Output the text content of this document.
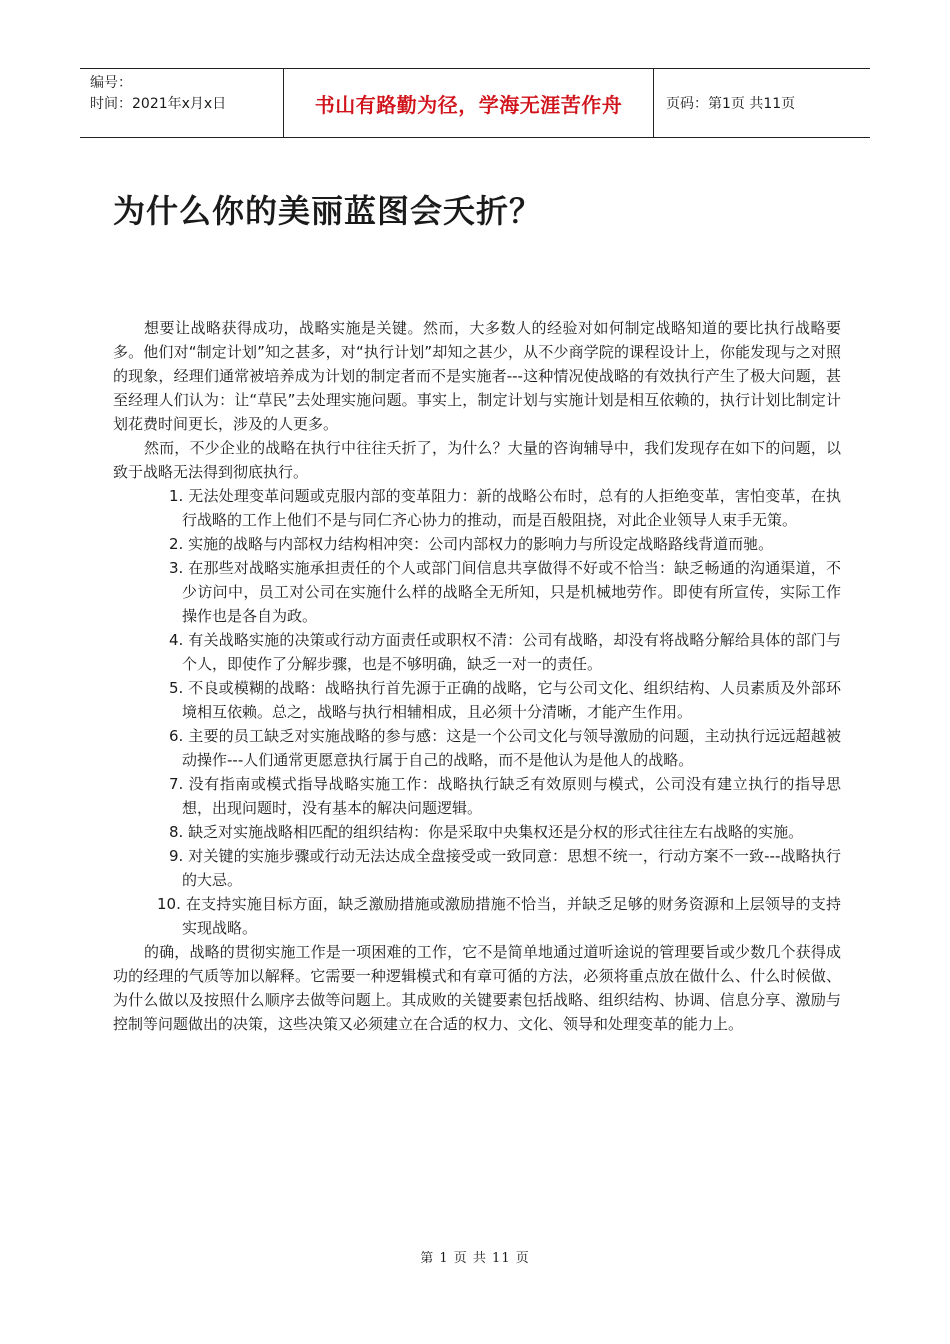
编号：
时间：2021年x月x日	书山有路勤为径，学海无涯苦作舟	页码：第1页 共11页
为什么你的美丽蓝图会夭折？

想要让战略获得成功，战略实施是关键。然而，大多数人的经验对如何制定战略知道的要比执行战略要多。他们对“制定计划”知之甚多，对“执行计划”却知之甚少，从不少商学院的课程设计上，你能发现与之对照的现象，经理们通常被培养成为计划的制定者而不是实施者---这种情况使战略的有效执行产生了极大问题，甚至经理人们认为：让“草民”去处理实施问题。事实上，制定计划与实施计划是相互依赖的，执行计划比制定计划花费时间更长，涉及的人更多。

然而，不少企业的战略在执行中往往夭折了，为什么？大量的咨询辅导中，我们发现存在如下的问题，以致于战略无法得到彻底执行。

1. 无法处理变革问题或克服内部的变革阻力：新的战略公布时，总有的人拒绝变革，害怕变革，在执行战略的工作上他们不是与同仁齐心协力的推动，而是百般阻挠，对此企业领导人束手无策。

2. 实施的战略与内部权力结构相冲突：公司内部权力的影响力与所设定战略路线背道而驰。

3. 在那些对战略实施承担责任的个人或部门间信息共享做得不好或不恰当：缺乏畅通的沟通渠道，不少访问中，员工对公司在实施什么样的战略全无所知，只是机械地劳作。即使有所宣传，实际工作操作也是各自为政。

4. 有关战略实施的决策或行动方面责任或职权不清：公司有战略，却没有将战略分解给具体的部门与个人，即使作了分解步骤，也是不够明确，缺乏一对一的责任。

5. 不良或模糊的战略：战略执行首先源于正确的战略，它与公司文化、组织结构、人员素质及外部环境相互依赖。总之，战略与执行相辅相成，且必须十分清晰，才能产生作用。

6. 主要的员工缺乏对实施战略的参与感：这是一个公司文化与领导激励的问题，主动执行远远超越被动操作---人们通常更愿意执行属于自己的战略，而不是他认为是他人的战略。

7. 没有指南或模式指导战略实施工作：战略执行缺乏有效原则与模式，公司没有建立执行的指导思想，出现问题时，没有基本的解决问题逻辑。

8. 缺乏对实施战略相匹配的组织结构：你是采取中央集权还是分权的形式往往左右战略的实施。

9. 对关键的实施步骤或行动无法达成全盘接受或一致同意：思想不统一，行动方案不一致---战略执行的大忌。

10. 在支持实施目标方面，缺乏激励措施或激励措施不恰当，并缺乏足够的财务资源和上层领导的支持实现战略。

的确，战略的贯彻实施工作是一项困难的工作，它不是简单地通过道听途说的管理要旨或少数几个获得成功的经理的气质等加以解释。它需要一种逻辑模式和有章可循的方法，必须将重点放在做什么、什么时候做、为什么做以及按照什么顺序去做等问题上。其成败的关键要素包括战略、组织结构、协调、信息分享、激励与控制等问题做出的决策，这些决策又必须建立在合适的权力、文化、领导和处理变革的能力上。

第 1 页 共 11 页
